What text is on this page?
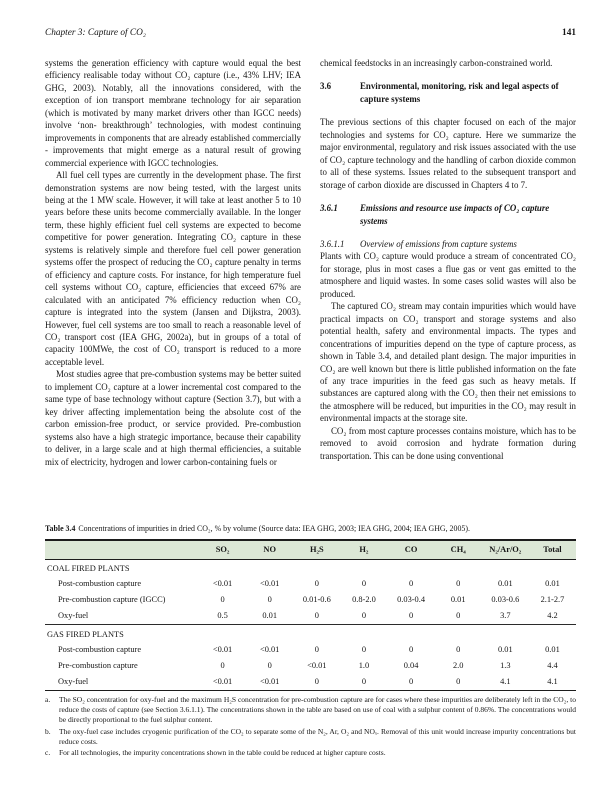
Chapter 3: Capture of CO₂	141

systems the generation efficiency with capture would equal the best efficiency realisable today without CO₂ capture (i.e., 43% LHV; IEA GHG, 2003). Notably, all the innovations considered, with the exception of ion transport membrane technology for air separation (which is motivated by many market drivers other than IGCC needs) involve ‘non- breakthrough’ technologies, with modest continuing improvements in components that are already established commercially - improvements that might emerge as a natural result of growing commercial experience with IGCC technologies.

All fuel cell types are currently in the development phase. The first demonstration systems are now being tested, with the largest units being at the 1 MW scale. However, it will take at least another 5 to 10 years before these units become commercially available. In the longer term, these highly efficient fuel cell systems are expected to become competitive for power generation. Integrating CO₂ capture in these systems is relatively simple and therefore fuel cell power generation systems offer the prospect of reducing the CO₂ capture penalty in terms of efficiency and capture costs. For instance, for high temperature fuel cell systems without CO₂ capture, efficiencies that exceed 67% are calculated with an anticipated 7% efficiency reduction when CO₂ capture is integrated into the system (Jansen and Dijkstra, 2003). However, fuel cell systems are too small to reach a reasonable level of CO₂ transport cost (IEA GHG, 2002a), but in groups of a total of capacity 100MWe, the cost of CO₂ transport is reduced to a more acceptable level.

Most studies agree that pre-combustion systems may be better suited to implement CO₂ capture at a lower incremental cost compared to the same type of base technology without capture (Section 3.7), but with a key driver affecting implementation being the absolute cost of the carbon emission-free product, or service provided. Pre-combustion systems also have a high strategic importance, because their capability to deliver, in a large scale and at high thermal efficiencies, a suitable mix of electricity, hydrogen and lower carbon-containing fuels or

chemical feedstocks in an increasingly carbon-constrained world.

3.6	Environmental, monitoring, risk and legal aspects of capture systems

The previous sections of this chapter focused on each of the major technologies and systems for CO₂ capture. Here we summarize the major environmental, regulatory and risk issues associated with the use of CO₂ capture technology and the handling of carbon dioxide common to all of these systems. Issues related to the subsequent transport and storage of carbon dioxide are discussed in Chapters 4 to 7.

3.6.1	Emissions and resource use impacts of CO₂ capture systems
3.6.1.1	Overview of emissions from capture systems

Plants with CO₂ capture would produce a stream of concentrated CO₂ for storage, plus in most cases a flue gas or vent gas emitted to the atmosphere and liquid wastes. In some cases solid wastes will also be produced.

The captured CO₂ stream may contain impurities which would have practical impacts on CO₂ transport and storage systems and also potential health, safety and environmental impacts. The types and concentrations of impurities depend on the type of capture process, as shown in Table 3.4, and detailed plant design. The major impurities in CO₂ are well known but there is little published information on the fate of any trace impurities in the feed gas such as heavy metals. If substances are captured along with the CO₂ then their net emissions to the atmosphere will be reduced, but impurities in the CO₂ may result in environmental impacts at the storage site.

CO₂ from most capture processes contains moisture, which has to be removed to avoid corrosion and hydrate formation during transportation. This can be done using conventional

Table 3.4 Concentrations of impurities in dried CO₂, % by volume (Source data: IEA GHG, 2003; IEA GHG, 2004; IEA GHG, 2005).

	SO₂	NO	H₂S	H₂	CO	CH₄	N₂/Ar/O₂	Total
COAL FIRED PLANTS								
Post-combustion capture	<0.01	<0.01	0	0	0	0	0.01	0.01
Pre-combustion capture (IGCC)	0	0	0.01-0.6	0.8-2.0	0.03-0.4	0.01	0.03-0.6	2.1-2.7
Oxy-fuel	0.5	0.01	0	0	0	0	3.7	4.2
GAS FIRED PLANTS								
Post-combustion capture	<0.01	<0.01	0	0	0	0	0.01	0.01
Pre-combustion capture	0	0	<0.01	1.0	0.04	2.0	1.3	4.4
Oxy-fuel	<0.01	<0.01	0	0	0	0	4.1	4.1
a.	The SO₂ concentration for oxy-fuel and the maximum H₂S concentration for pre-combustion capture are for cases where these impurities are deliberately left in the CO₂, to reduce the costs of capture (see Section 3.6.1.1). The concentrations shown in the table are based on use of coal with a sulphur content of 0.86%. The concentrations would be directly proportional to the fuel sulphur content.
b.	The oxy-fuel case includes cryogenic purification of the CO₂ to separate some of the N₂, Ar, O₂ and NOₓ. Removal of this unit would increase impurity concentrations but reduce costs.
c.	For all technologies, the impurity concentrations shown in the table could be reduced at higher capture costs.
